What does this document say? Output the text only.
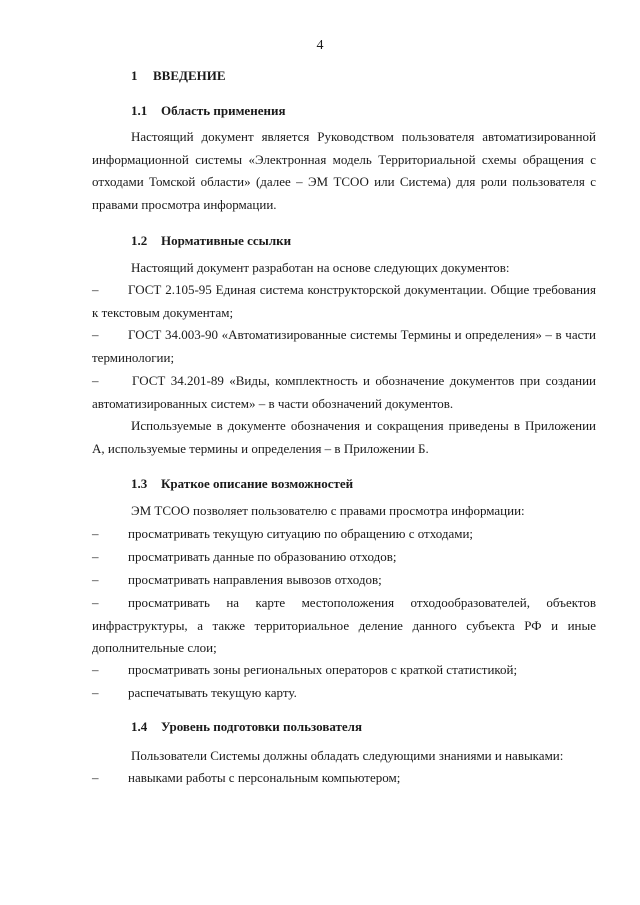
4
1 ВВЕДЕНИЕ
1.1 Область применения
Настоящий документ является Руководством пользователя автоматизированной информационной системы «Электронная модель Территориальной схемы обращения с отходами Томской области» (далее – ЭМ ТСОО или Система) для роли пользователя с правами просмотра информации.
1.2 Нормативные ссылки
Настоящий документ разработан на основе следующих документов:
– ГОСТ 2.105-95 Единая система конструкторской документации. Общие требования к текстовым документам;
– ГОСТ 34.003-90 «Автоматизированные системы Термины и определения» – в части терминологии;
–	ГОСТ 34.201-89 «Виды, комплектность и обозначение документов при создании автоматизированных систем» – в части обозначений документов.
Используемые в документе обозначения и сокращения приведены в Приложении А, используемые термины и определения – в Приложении Б.
1.3 Краткое описание возможностей
ЭМ ТСОО позволяет пользователю с правами просмотра информации:
– просматривать текущую ситуацию по обращению с отходами;
– просматривать данные по образованию отходов;
– просматривать направления вывозов отходов;
– просматривать на карте местоположения отходообразователей, объектов инфраструктуры, а также территориальное деление данного субъекта РФ и иные дополнительные слои;
– просматривать зоны региональных операторов с краткой статистикой;
– распечатывать текущую карту.
1.4 Уровень подготовки пользователя
Пользователи Системы должны обладать следующими знаниями и навыками:
– навыками работы с персональным компьютером;
